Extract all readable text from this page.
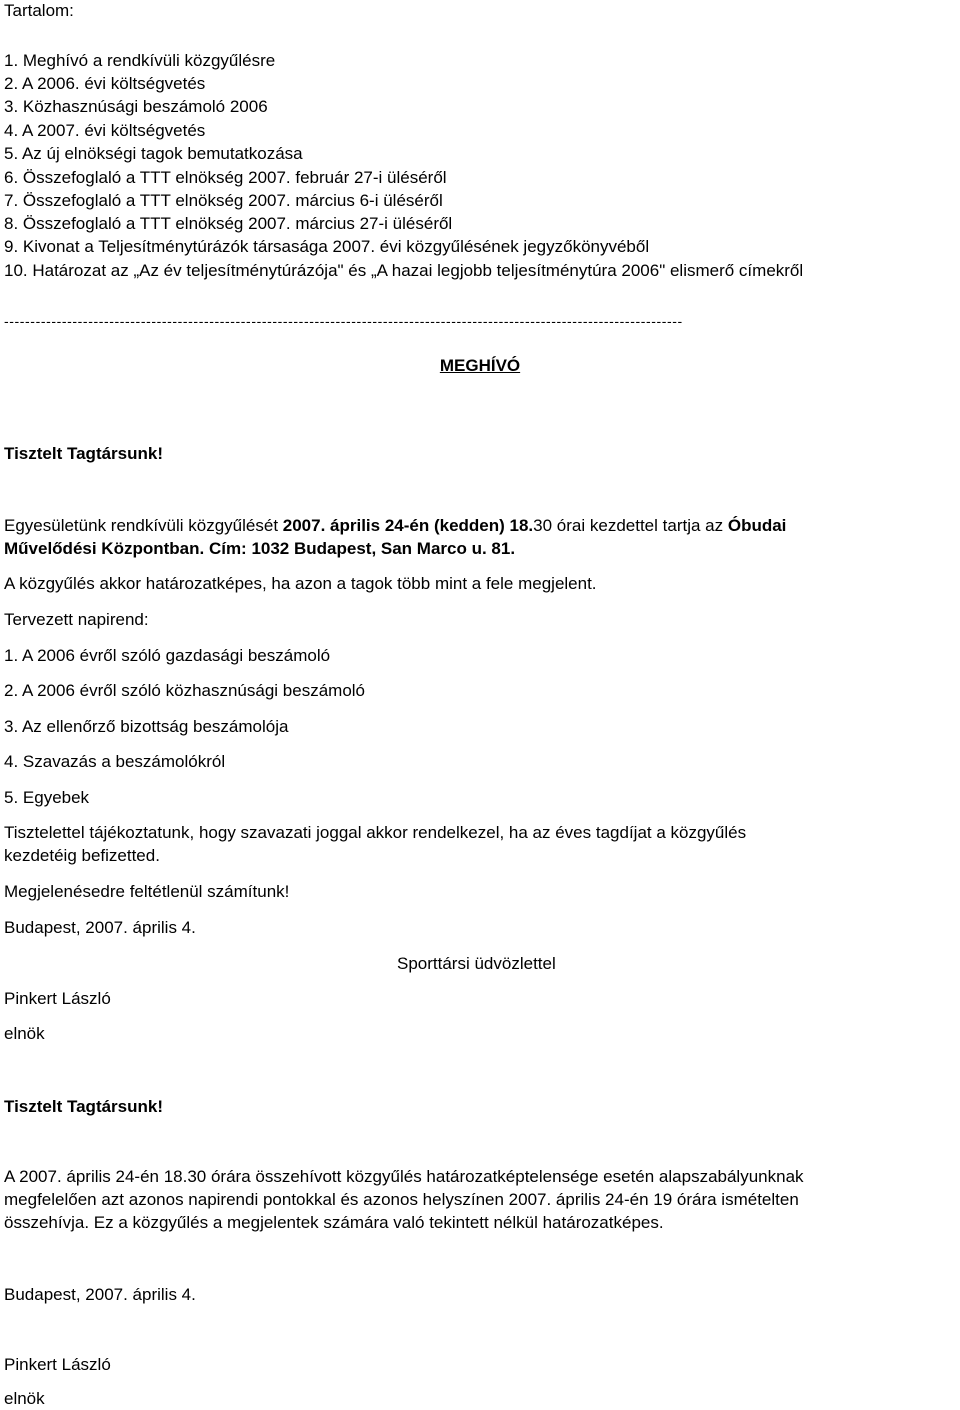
Tartalom:

1. Meghívó a rendkívüli közgyűlésre

2. A 2006. évi költségvetés

3. Közhasznúsági beszámoló 2006

4. A 2007. évi költségvetés

5. Az új elnökségi tagok bemutatkozása

6. Összefoglaló a TTT elnökség 2007. február 27-i üléséről

7. Összefoglaló a TTT elnökség 2007. március 6-i üléséről

8. Összefoglaló a TTT elnökség 2007. március 27-i üléséről

9. Kivonat a Teljesítménytúrázók társasága 2007. évi közgyűlésének jegyzőkönyvéből

10. Határozat az „Az év teljesítménytúrázója" és „A hazai legjobb teljesítménytúra 2006" elismerő címekről

---------------------------------------------------------------------------------------------------------------------------------

MEGHÍVÓ

Tisztelt Tagtársunk!

Egyesületünk rendkívüli közgyűlését 2007. április 24-én (kedden) 18.30 órai kezdettel tartja az Óbudai

Művelődési Központban. Cím: 1032 Budapest, San Marco u. 81.

A közgyűlés akkor határozatképes, ha azon a tagok több mint a fele megjelent.

Tervezett napirend:

1. A 2006 évről szóló gazdasági beszámoló

2. A 2006 évről szóló közhasznúsági beszámoló

3. Az ellenőrző bizottság beszámolója

4. Szavazás a beszámolókról

5. Egyebek

Tisztelettel tájékoztatunk, hogy szavazati joggal akkor rendelkezel, ha az éves tagdíjat a közgyűlés

kezdetéig befizetted.

Megjelenésedre feltétlenül számítunk!

Budapest, 2007. április 4.

Sporttársi üdvözlettel

Pinkert László

elnök

Tisztelt Tagtársunk!

A 2007. április 24-én 18.30 órára összehívott közgyűlés határozatképtelensége esetén alapszabályunknak

megfelelően azt azonos napirendi pontokkal és azonos helyszínen 2007. április 24-én 19 órára ismételten

összehívja. Ez a közgyűlés a megjelentek számára való tekintett nélkül határozatképes.

Budapest, 2007. április 4.

Pinkert László

elnök
